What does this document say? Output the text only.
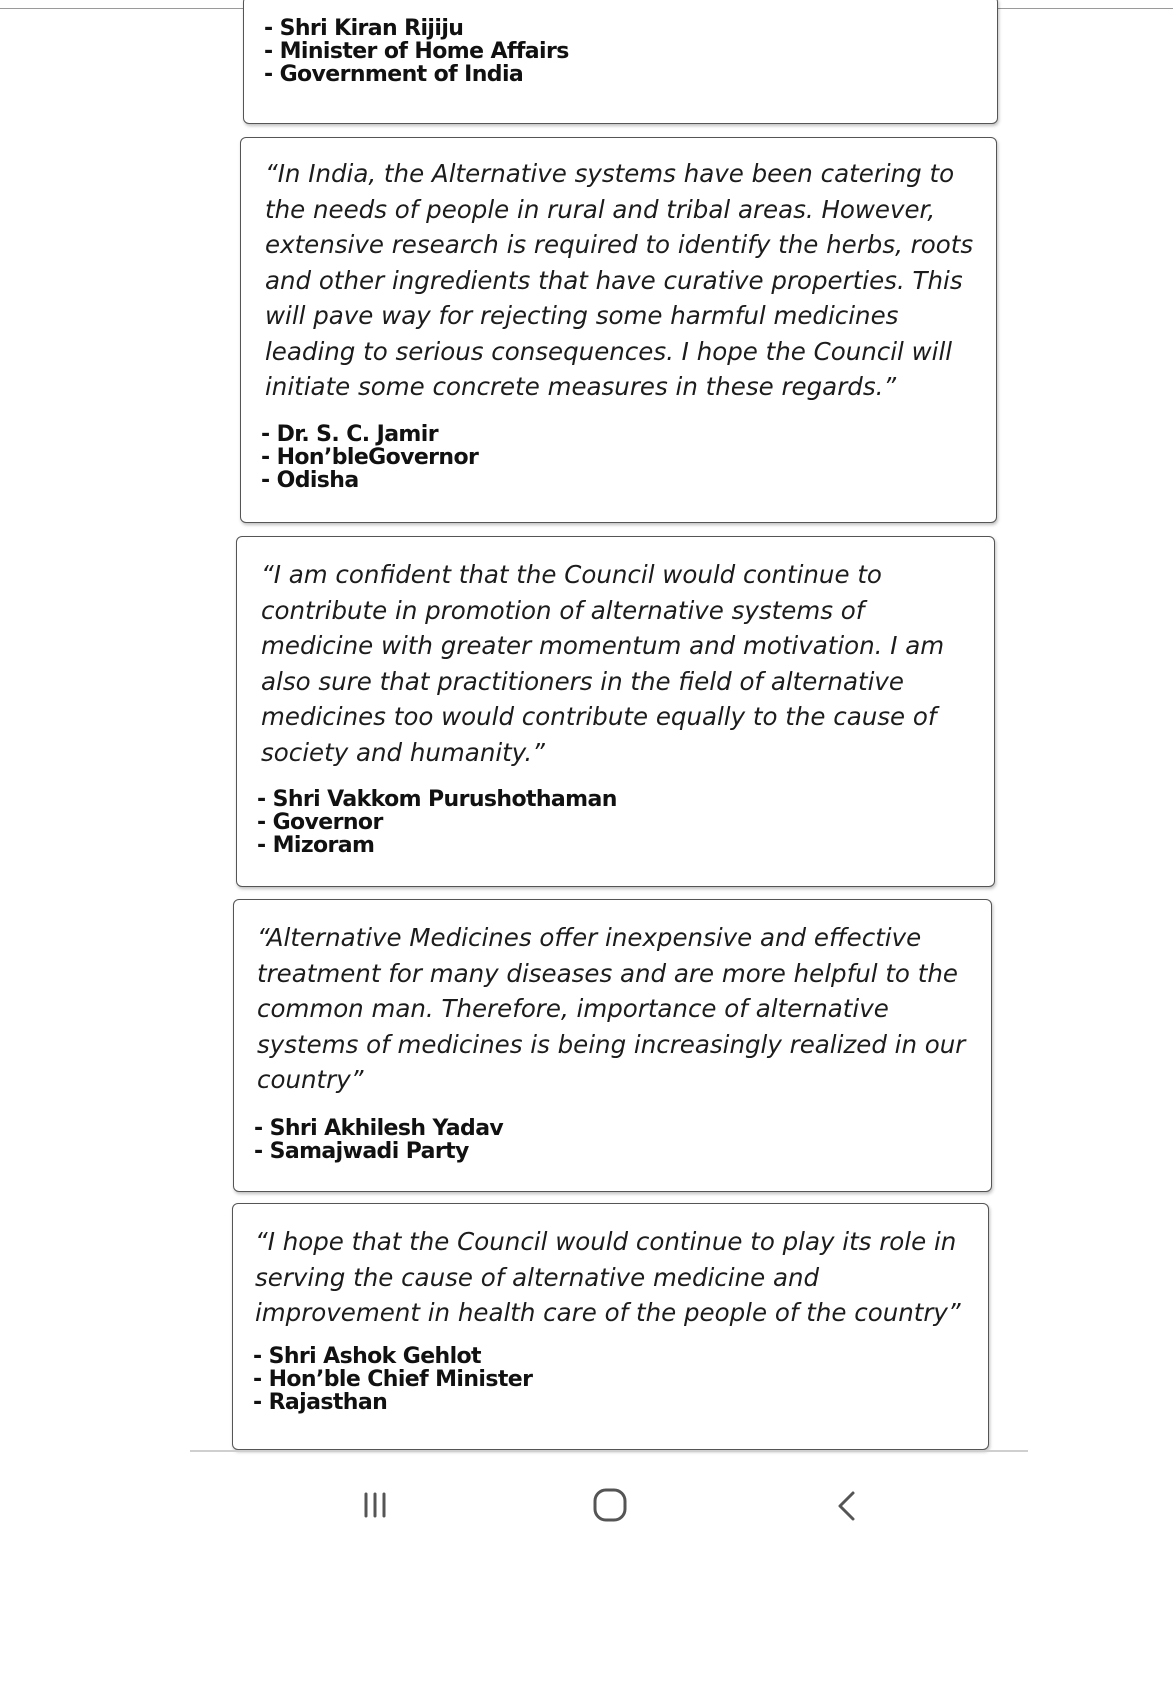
- Shri Kiran Rijiju
- Minister of Home Affairs
- Government of India

“In India, the Alternative systems have been catering to
the needs of people in rural and tribal areas. However,
extensive research is required to identify the herbs, roots
and other ingredients that have curative properties. This
will pave way for rejecting some harmful medicines
leading to serious consequences. I hope the Council will
initiate some concrete measures in these regards.”

- Dr. S. C. Jamir
- Hon’bleGovernor
- Odisha

“I am confident that the Council would continue to
contribute in promotion of alternative systems of
medicine with greater momentum and motivation. I am
also sure that practitioners in the field of alternative
medicines too would contribute equally to the cause of
society and humanity.”

- Shri Vakkom Purushothaman
- Governor
- Mizoram

“Alternative Medicines offer inexpensive and effective
treatment for many diseases and are more helpful to the
common man. Therefore, importance of alternative
systems of medicines is being increasingly realized in our
country”

- Shri Akhilesh Yadav
- Samajwadi Party

“I hope that the Council would continue to play its role in
serving the cause of alternative medicine and
improvement in health care of the people of the country”

- Shri Ashok Gehlot
- Hon’ble Chief Minister
- Rajasthan
